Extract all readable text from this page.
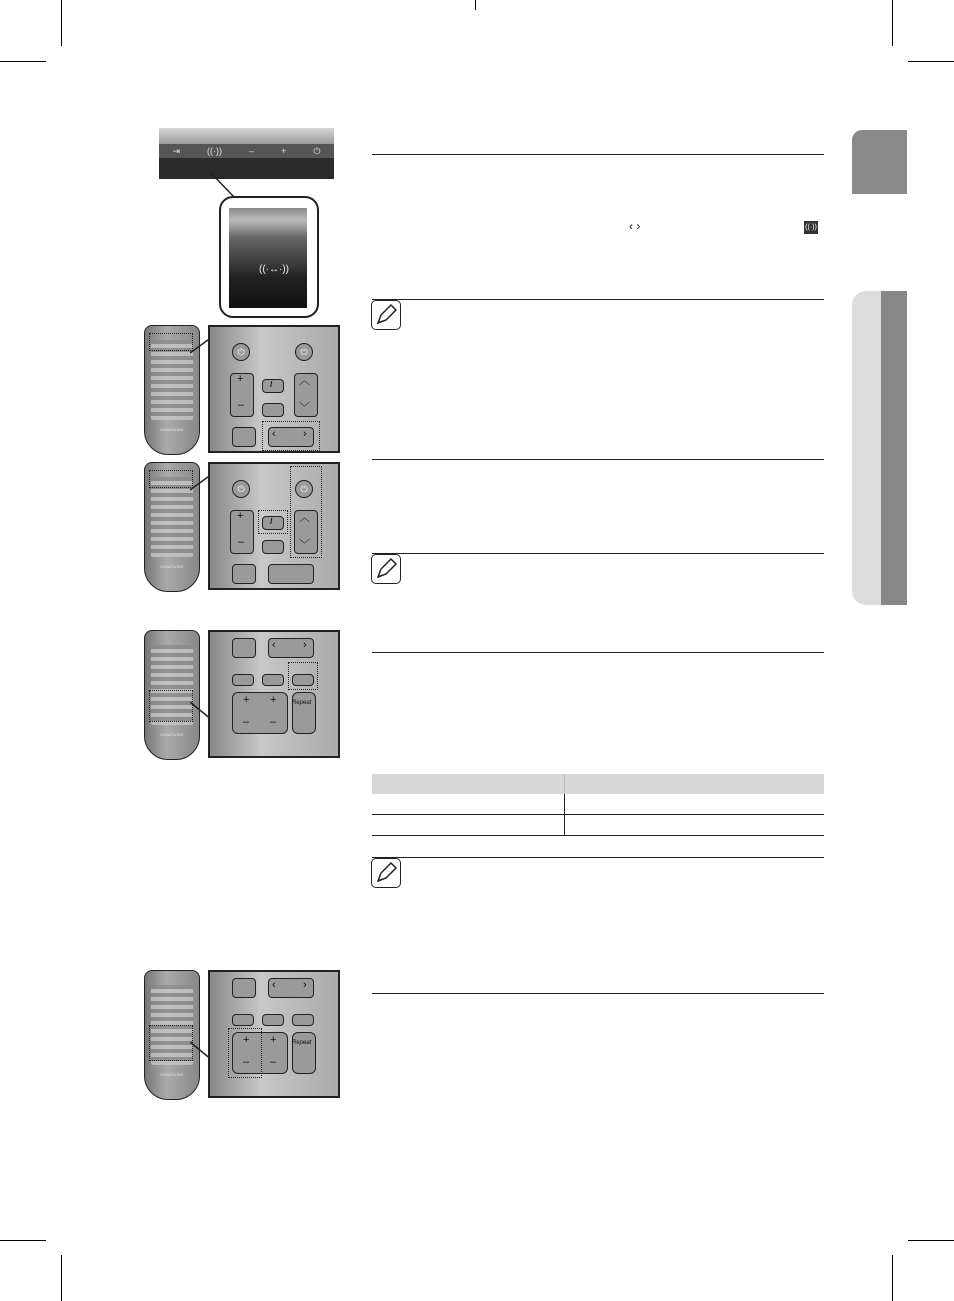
⇥	((·))	–	+	⏻
((·↔·))
SAMSUNG
⏻	⏻
+
–
i ︿
﹀
‹ ›
SAMSUNG
⏻	⏻
+
–
i ︿
﹀
SAMSUNG
‹ ›
+ +
– –
Repeat
SAMSUNG
‹ ›
+ +
– –
Repeat
‹ ›	((·))
